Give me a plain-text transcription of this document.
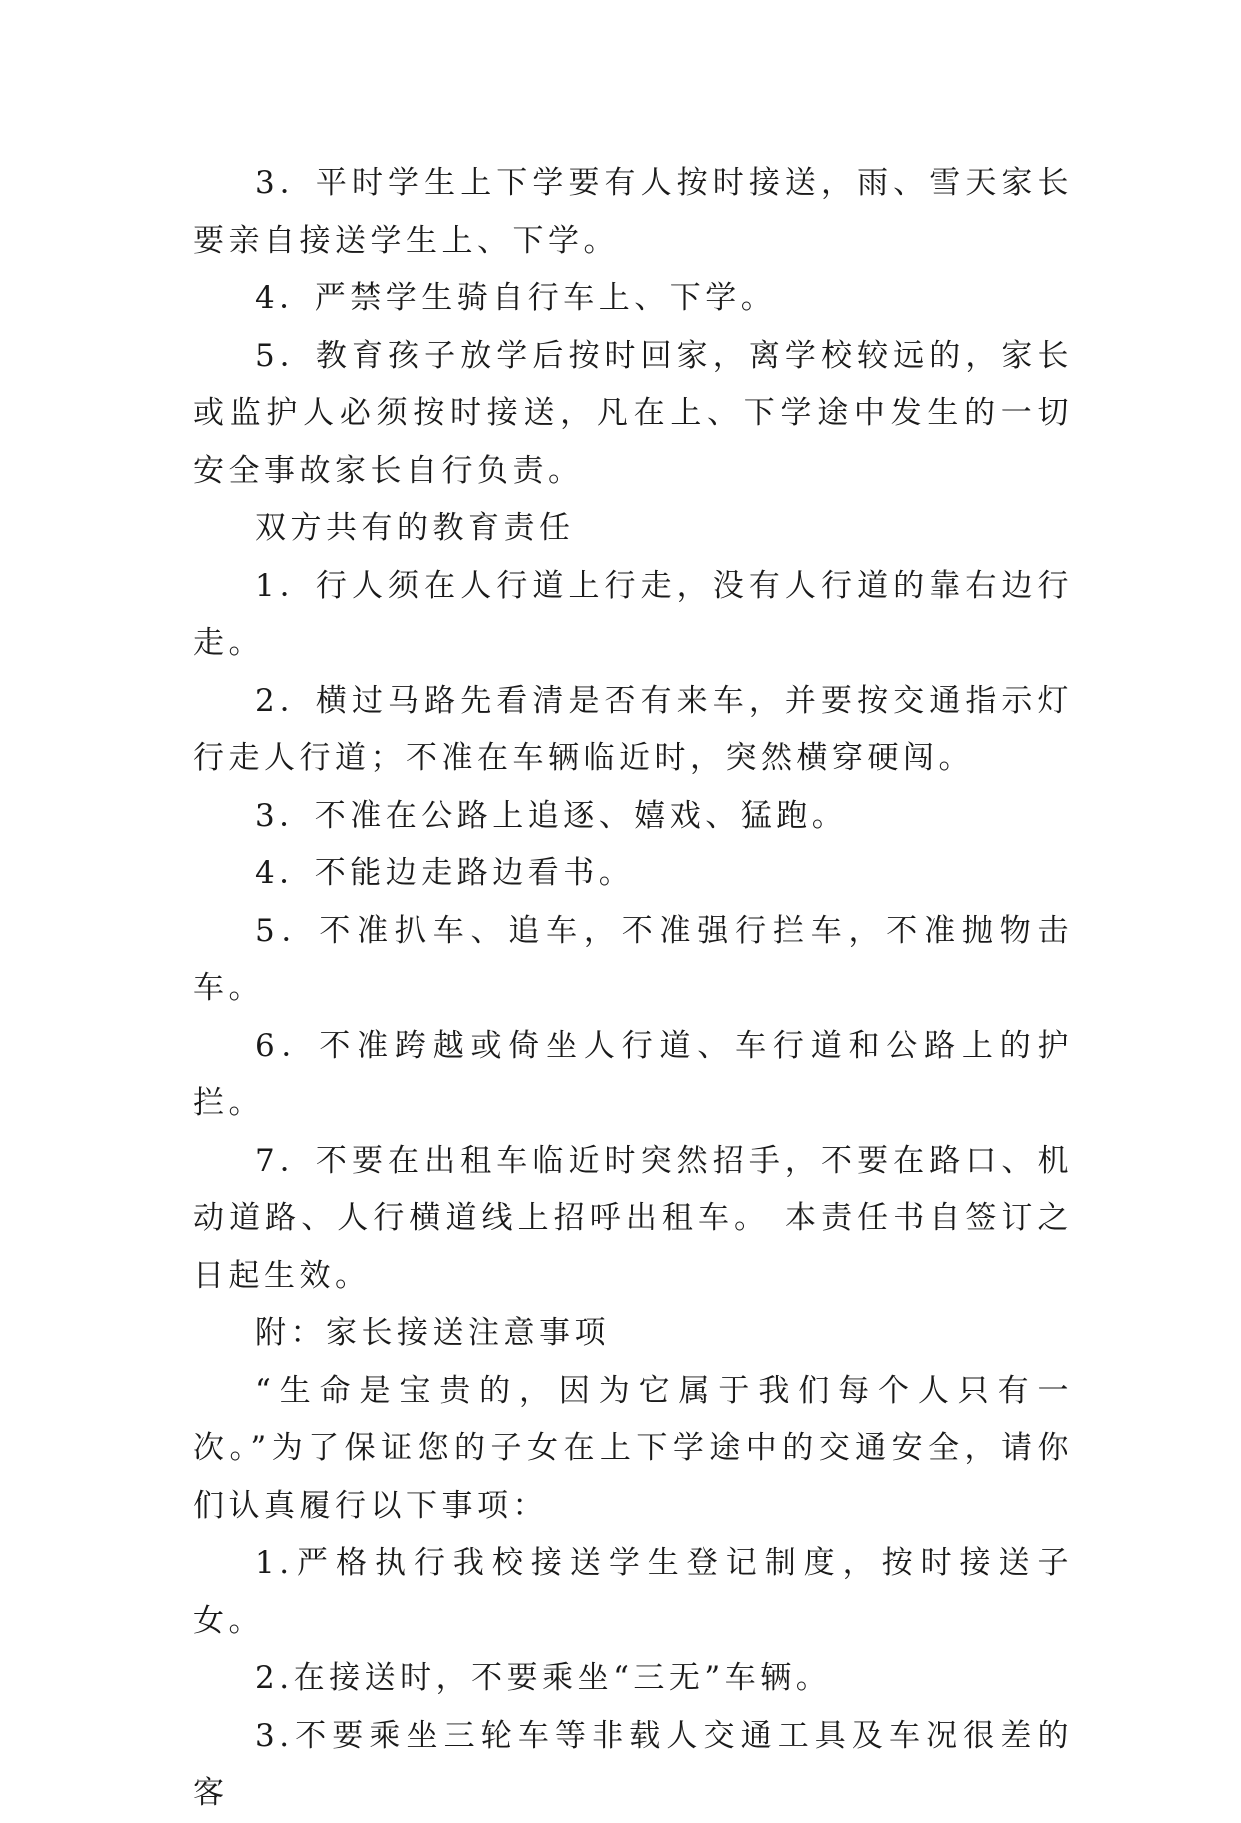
3．平时学生上下学要有人按时接送，雨、雪天家长要亲自接送学生上、下学。

4．严禁学生骑自行车上、下学。

5．教育孩子放学后按时回家，离学校较远的，家长或监护人必须按时接送，凡在上、下学途中发生的一切安全事故家长自行负责。

双方共有的教育责任

1．行人须在人行道上行走，没有人行道的靠右边行走。

2．横过马路先看清是否有来车，并要按交通指示灯行走人行道；不准在车辆临近时，突然横穿硬闯。

3．不准在公路上追逐、嬉戏、猛跑。

4．不能边走路边看书。

5．不准扒车、追车，不准强行拦车，不准抛物击车。

6．不准跨越或倚坐人行道、车行道和公路上的护拦。

7．不要在出租车临近时突然招手，不要在路口、机动道路、人行横道线上招呼出租车。 本责任书自签订之日起生效。

附：家长接送注意事项

“生命是宝贵的，因为它属于我们每个人只有一次。”为了保证您的子女在上下学途中的交通安全，请你们认真履行以下事项：

1.严格执行我校接送学生登记制度，按时接送子女。

2.在接送时，不要乘坐“三无”车辆。

3.不要乘坐三轮车等非载人交通工具及车况很差的客
